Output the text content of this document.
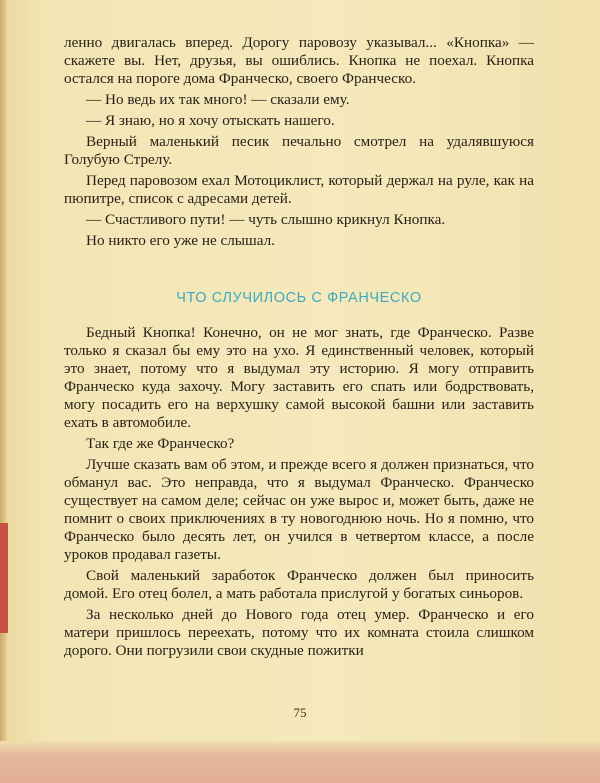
ленно двигалась вперед. Дорогу паровозу указывал... «Кнопка» — скажете вы. Нет, друзья, вы ошиблись. Кнопка не поехал. Кнопка остался на пороге дома Франческо, своего Франческо.

— Но ведь их так много! — сказали ему.

— Я знаю, но я хочу отыскать нашего.

Верный маленький песик печально смотрел на удалявшуюся Голубую Стрелу.

Перед паровозом ехал Мотоциклист, который держал на руле, как на пюпитре, список с адресами детей.

— Счастливого пути! — чуть слышно крикнул Кнопка.

Но никто его уже не слышал.

ЧТО СЛУЧИЛОСЬ С ФРАНЧЕСКО

Бедный Кнопка! Конечно, он не мог знать, где Франческо. Разве только я сказал бы ему это на ухо. Я единственный человек, который это знает, потому что я выдумал эту историю. Я могу отправить Франческо куда захочу. Могу заставить его спать или бодрствовать, могу посадить его на верхушку самой высокой башни или заставить ехать в автомобиле.

Так где же Франческо?

Лучше сказать вам об этом, и прежде всего я должен признаться, что обманул вас. Это неправда, что я выдумал Франческо. Франческо существует на самом деле; сейчас он уже вырос и, может быть, даже не помнит о своих приключениях в ту новогоднюю ночь. Но я помню, что Франческо было десять лет, он учился в четвертом классе, а после уроков продавал газеты.

Свой маленький заработок Франческо должен был приносить домой. Его отец болел, а мать работала прислугой у богатых синьоров.

За несколько дней до Нового года отец умер. Франческо и его матери пришлось переехать, потому что их комната стоила слишком дорого. Они погрузили свои скудные пожитки

75
